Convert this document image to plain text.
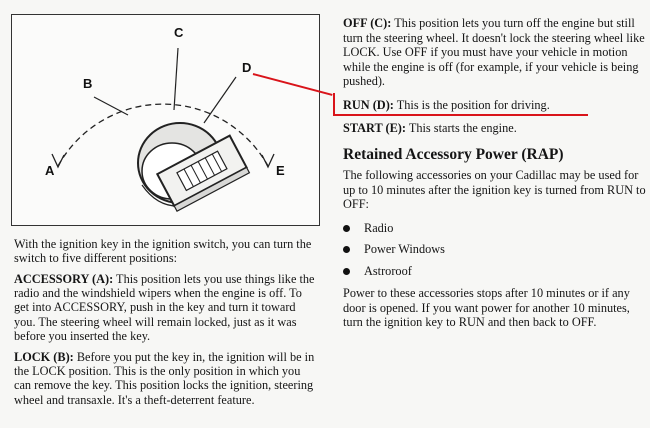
A
B
C
D
E

With the ignition key in the ignition switch, you can turn the switch to five different positions:

ACCESSORY (A): This position lets you use things like the radio and the windshield wipers when the engine is off. To get into ACCESSORY, push in the key and turn it toward you. The steering wheel will remain locked, just as it was before you inserted the key.

LOCK (B): Before you put the key in, the ignition will be in the LOCK position. This is the only position in which you can remove the key. This position locks the ignition, steering wheel and transaxle. It's a theft-deterrent feature.

OFF (C): This position lets you turn off the engine but still turn the steering wheel. It doesn't lock the steering wheel like LOCK. Use OFF if you must have your vehicle in motion while the engine is off (for example, if your vehicle is being pushed).

RUN (D): This is the position for driving.

START (E): This starts the engine.

Retained Accessory Power (RAP)

The following accessories on your Cadillac may be used for up to 10 minutes after the ignition key is turned from RUN to OFF:

Radio
Power Windows
Astroroof

Power to these accessories stops after 10 minutes or if any door is opened. If you want power for another 10 minutes, turn the ignition key to RUN and then back to OFF.
